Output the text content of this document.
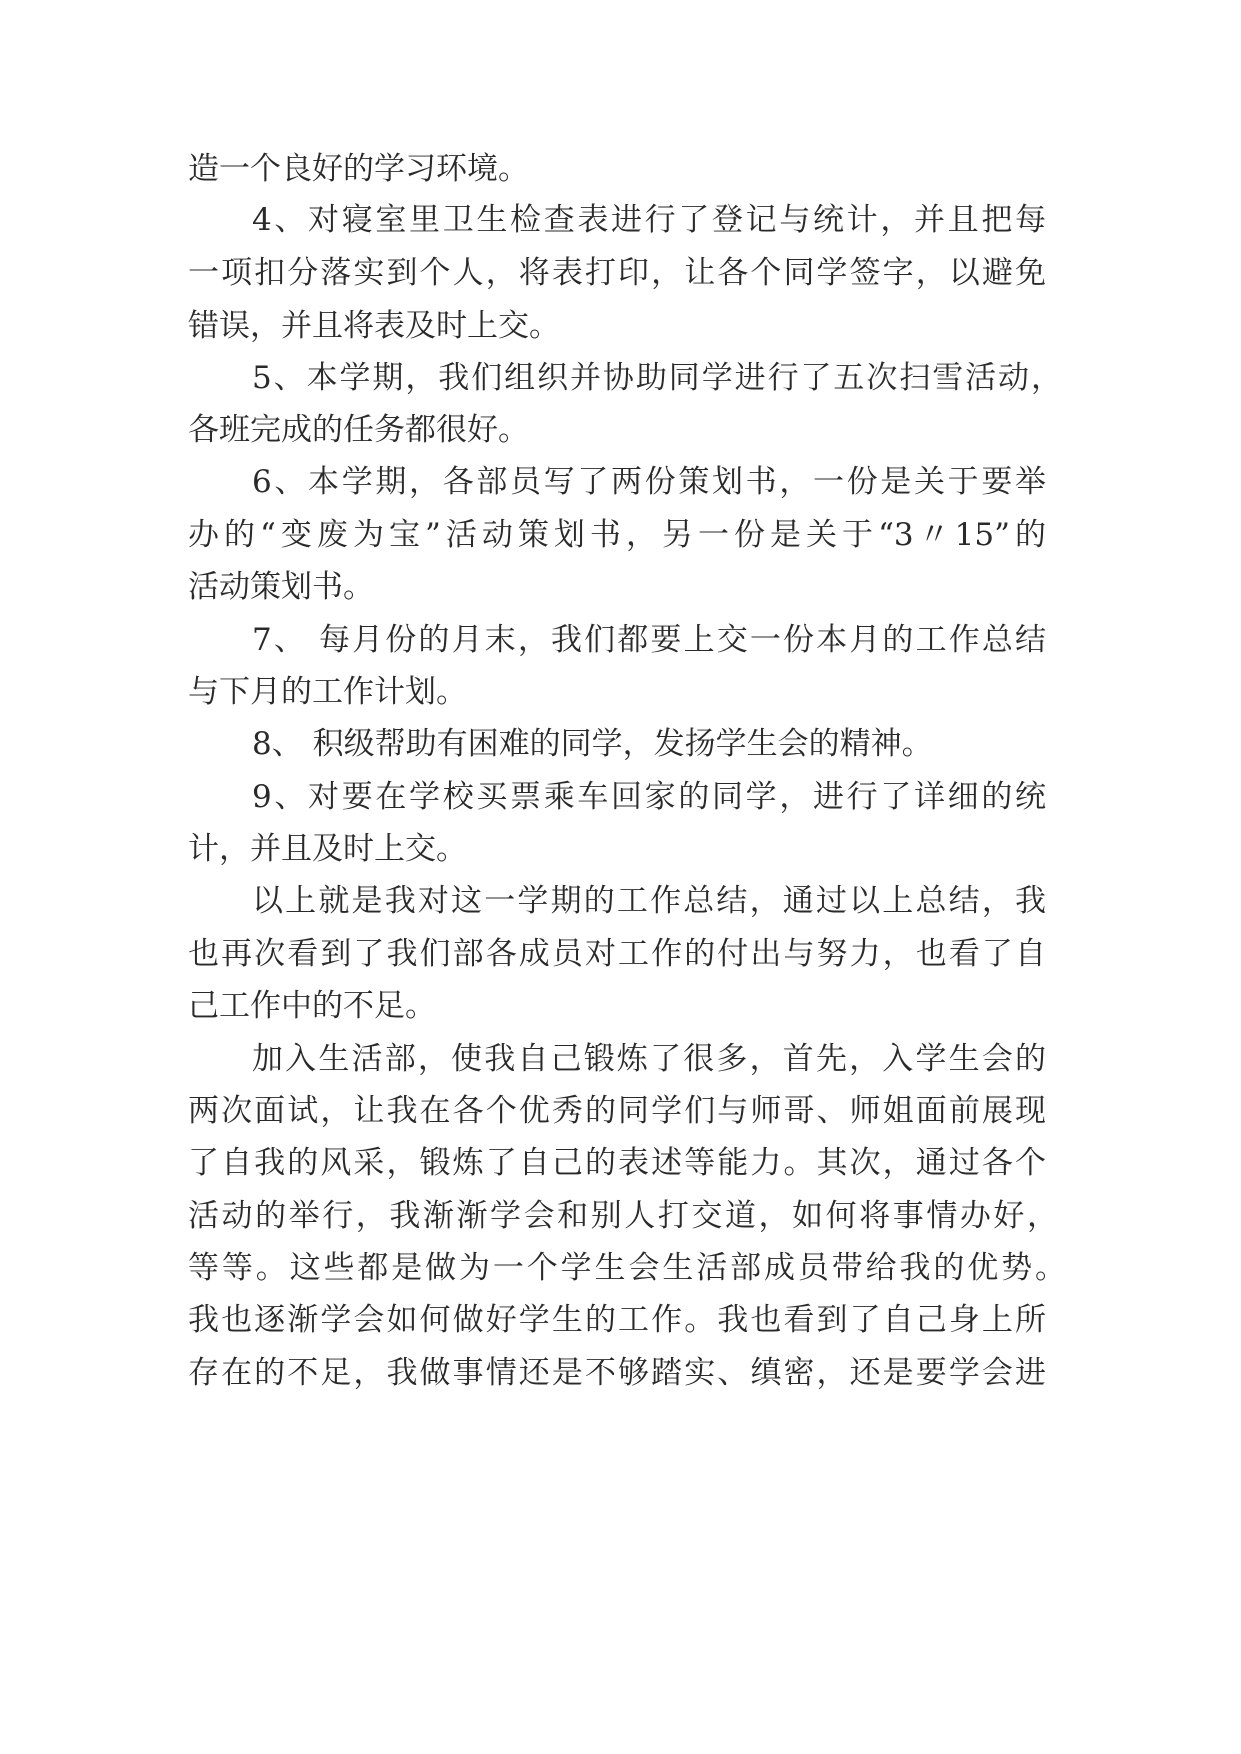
造一个良好的学习环境。

4、对寝室里卫生检查表进行了登记与统计，并且把每

一项扣分落实到个人，将表打印，让各个同学签字，以避免

错误，并且将表及时上交。

5、本学期，我们组织并协助同学进行了五次扫雪活动，

各班完成的任务都很好。

6、本学期，各部员写了两份策划书，一份是关于要举

办的“变废为宝”活动策划书，另一份是关于“3〃15”的

活动策划书。

7、 每月份的月末，我们都要上交一份本月的工作总结

与下月的工作计划。

8、 积级帮助有困难的同学，发扬学生会的精神。

9、对要在学校买票乘车回家的同学，进行了详细的统

计，并且及时上交。

以上就是我对这一学期的工作总结，通过以上总结，我

也再次看到了我们部各成员对工作的付出与努力，也看了自

己工作中的不足。

加入生活部，使我自己锻炼了很多，首先，入学生会的

两次面试，让我在各个优秀的同学们与师哥、师姐面前展现

了自我的风采，锻炼了自己的表述等能力。其次，通过各个

活动的举行，我渐渐学会和别人打交道，如何将事情办好，

等等。这些都是做为一个学生会生活部成员带给我的优势。

我也逐渐学会如何做好学生的工作。我也看到了自己身上所

存在的不足，我做事情还是不够踏实、缜密，还是要学会进
